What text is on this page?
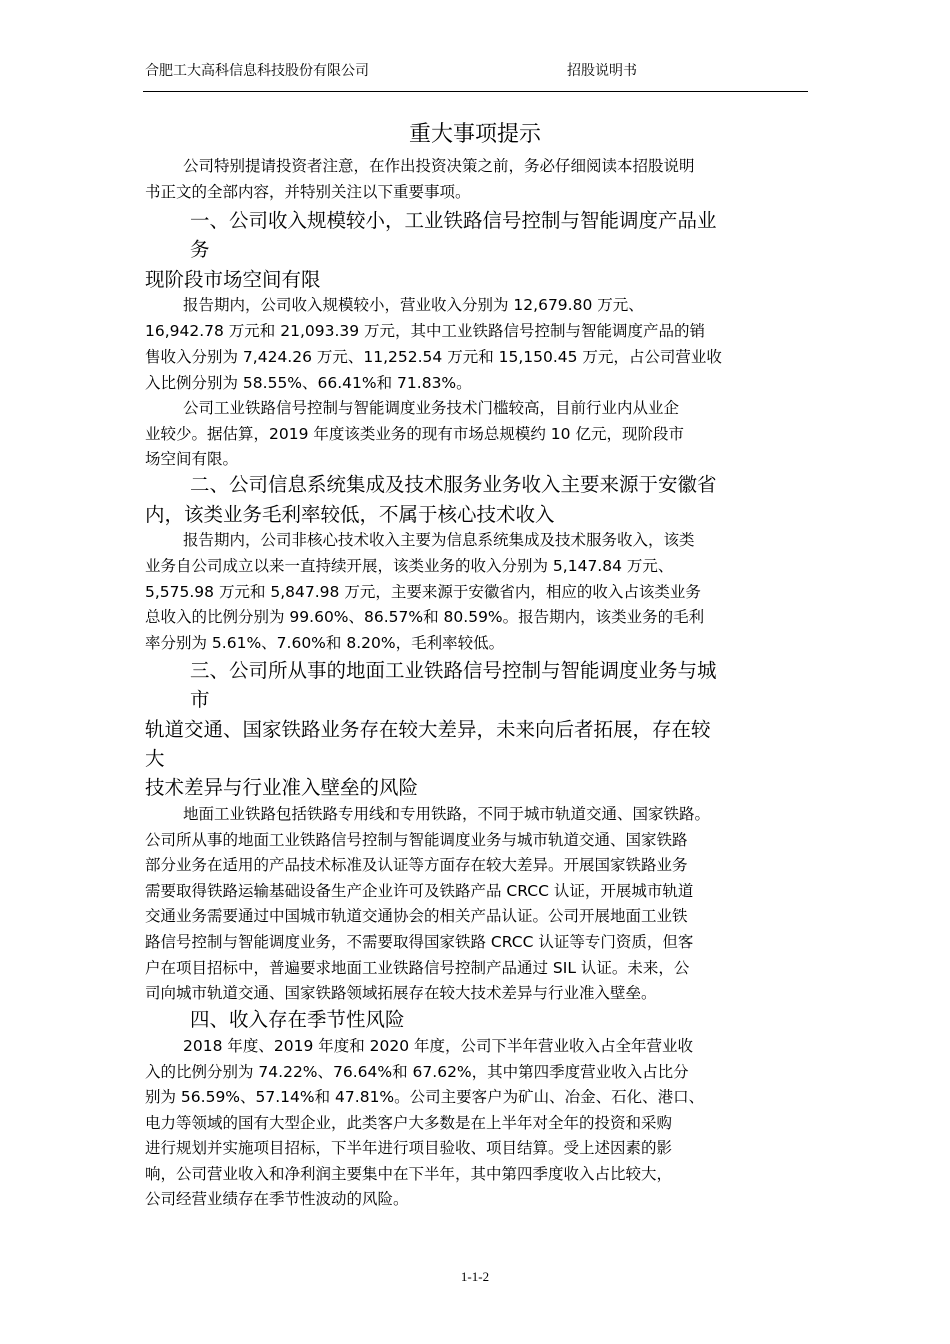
合肥工大高科信息科技股份有限公司	招股说明书
重大事项提示
公司特别提请投资者注意，在作出投资决策之前，务必仔细阅读本招股说明
书正文的全部内容，并特别关注以下重要事项。
一、公司收入规模较小，工业铁路信号控制与智能调度产品业
务
现阶段市场空间有限
报告期内，公司收入规模较小，营业收入分别为 12,679.80 万元、
16,942.78 万元和 21,093.39 万元，其中工业铁路信号控制与智能调度产品的销
售收入分别为 7,424.26 万元、11,252.54 万元和 15,150.45 万元，占公司营业收
入比例分别为 58.55%、66.41%和 71.83%。
公司工业铁路信号控制与智能调度业务技术门槛较高，目前行业内从业企
业较少。据估算，2019 年度该类业务的现有市场总规模约 10 亿元，现阶段市
场空间有限。
二、公司信息系统集成及技术服务业务收入主要来源于安徽省
内，该类业务毛利率较低，不属于核心技术收入
报告期内，公司非核心技术收入主要为信息系统集成及技术服务收入，该类
业务自公司成立以来一直持续开展，该类业务的收入分别为 5,147.84 万元、
5,575.98 万元和 5,847.98 万元，主要来源于安徽省内，相应的收入占该类业务
总收入的比例分别为 99.60%、86.57%和 80.59%。报告期内，该类业务的毛利
率分别为 5.61%、7.60%和 8.20%，毛利率较低。
三、公司所从事的地面工业铁路信号控制与智能调度业务与城
市
轨道交通、国家铁路业务存在较大差异，未来向后者拓展，存在较
大
技术差异与行业准入壁垒的风险
地面工业铁路包括铁路专用线和专用铁路，不同于城市轨道交通、国家铁路。
公司所从事的地面工业铁路信号控制与智能调度业务与城市轨道交通、国家铁路
部分业务在适用的产品技术标准及认证等方面存在较大差异。开展国家铁路业务
需要取得铁路运输基础设备生产企业许可及铁路产品 CRCC 认证，开展城市轨道
交通业务需要通过中国城市轨道交通协会的相关产品认证。公司开展地面工业铁
路信号控制与智能调度业务，不需要取得国家铁路 CRCC 认证等专门资质，但客
户在项目招标中，普遍要求地面工业铁路信号控制产品通过 SIL 认证。未来，公
司向城市轨道交通、国家铁路领域拓展存在较大技术差异与行业准入壁垒。
四、收入存在季节性风险
2018 年度、2019 年度和 2020 年度，公司下半年营业收入占全年营业收
入的比例分别为 74.22%、76.64%和 67.62%，其中第四季度营业收入占比分
别为 56.59%、57.14%和 47.81%。公司主要客户为矿山、冶金、石化、港口、
电力等领域的国有大型企业，此类客户大多数是在上半年对全年的投资和采购
进行规划并实施项目招标，下半年进行项目验收、项目结算。受上述因素的影
响，公司营业收入和净利润主要集中在下半年，其中第四季度收入占比较大，
公司经营业绩存在季节性波动的风险。
1-1-2
